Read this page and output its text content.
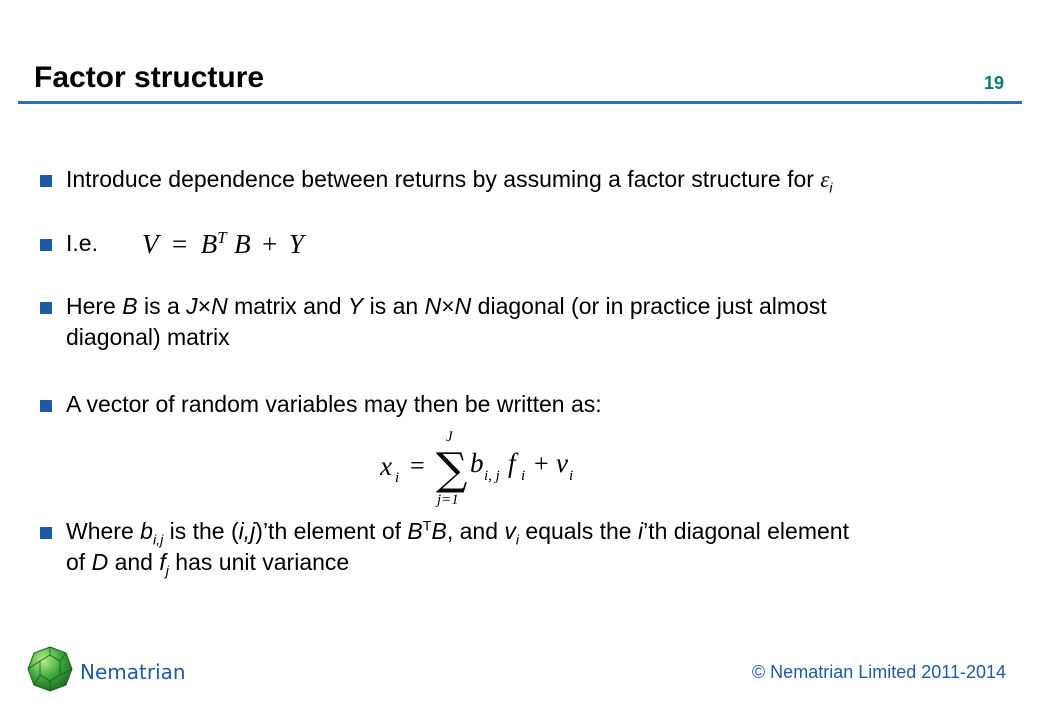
Factor structure	19
Introduce dependence between returns by assuming a factor structure for $\varepsilon_i$
I.e. $V = B^T$ B + Y
Here B is a J×N matrix and Y is an N×N diagonal (or in practice just almost
diagonal) matrix
A vector of random variables may then be written as:
x i = ∑
J
j=1
b i, j f i + v i
Where $b_{i,j}$ is the (i,j)’th element of $B^TB$, and $v_i$ equals the i’th diagonal element
of D and $f_j$ has unit variance
Nematrian	© Nematrian Limited 2011-2014
